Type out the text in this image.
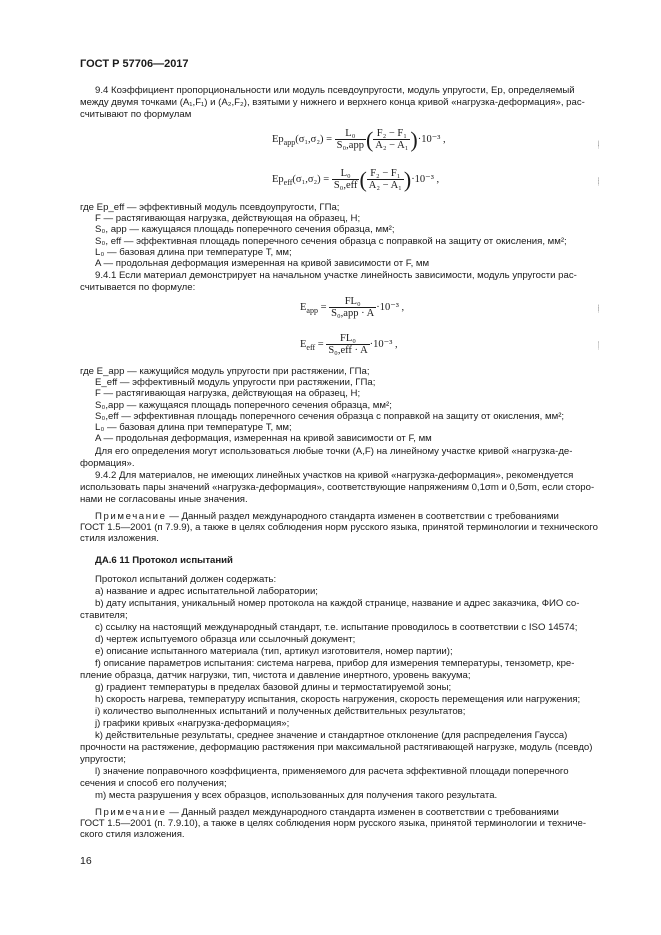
ГОСТ Р 57706—2017
9.4 Коэффициент пропорциональности или модуль псевдоупругости, модуль упругости, Ep, определяемый
между двумя точками (A₁,F₁) и (A₂,F₂), взятыми у нижнего и верхнего конца кривой «нагрузка-деформация», рас-
считывают по формулам
$Ep_{app}(\sigma_1,\sigma_2) = \frac{\text{L₀}}{\text{S₀,app}}$ ( $\frac{\text{F₂ − F₁}}{\text{A₂ − A₁}} )\cdot 10^{-3}$ ,	(4)
$Ep_{eff}(\sigma_1,\sigma_2) = \frac{\text{L₀}}{\text{S₀,eff}}$ ( $\frac{\text{F₂ − F₁}}{\text{A₂ − A₁}} )\cdot 10^{-3}$ ,	(5)
где Ep_eff — эффективный модуль псевдоупругости, ГПа;
F — растягивающая нагрузка, действующая на образец, Н;
S₀, app — кажущаяся площадь поперечного сечения образца, мм²;
S₀, eff — эффективная площадь поперечного сечения образца с поправкой на защиту от окисления, мм²;
L₀ — базовая длина при температуре T, мм;
A — продольная деформация измеренная на кривой зависимости от F, мм
9.4.1 Если материал демонстрирует на начальном участке линейность зависимости, модуль упругости рас-
считывается по формуле:
$E_{app} = \frac{\text{FL₀}}{\text{S₀,app · A}} \cdot 10^{-3}$ ,	(6)
$E_{eff} = \frac{\text{FL₀}}{\text{S₀,eff · A}} \cdot 10^{-3}$ ,	(7)
где E_app — кажущийся модуль упругости при растяжении, ГПа;
E_eff — эффективный модуль упругости при растяжении, ГПа;
F — растягивающая нагрузка, действующая на образец, Н;
S₀,app — кажущаяся площадь поперечного сечения образца, мм²;
S₀,eff — эффективная площадь поперечного сечения образца с поправкой на защиту от окисления, мм²;
L₀ — базовая длина при температуре T, мм;
A — продольная деформация, измеренная на кривой зависимости от F, мм
Для его определения могут использоваться любые точки (A,F) на линейному участке кривой «нагрузка-де-
формация».
9.4.2 Для материалов, не имеющих линейных участков на кривой «нагрузка-деформация», рекомендуется
использовать пары значений «нагрузка-деформация», соответствующие напряжениям 0,1σm и 0,5σm, если сторо-
нами не согласованы иные значения.
Примечание — Данный раздел международного стандарта изменен в соответствии с требованиями
ГОСТ 1.5—2001 (п 7.9.9), а также в целях соблюдения норм русского языка, принятой терминологии и технического
стиля изложения.
ДА.6 11 Протокол испытаний
Протокол испытаний должен содержать:
a) название и адрес испытательной лаборатории;
b) дату испытания, уникальный номер протокола на каждой странице, название и адрес заказчика, ФИО со-
ставителя;
c) ссылку на настоящий международный стандарт, т.е. испытание проводилось в соответствии с ISO 14574;
d) чертеж испытуемого образца или ссылочный документ;
e) описание испытанного материала (тип, артикул изготовителя, номер партии);
f) описание параметров испытания: система нагрева, прибор для измерения температуры, тензометр, кре-
пление образца, датчик нагрузки, тип, чистота и давление инертного, уровень вакуума;
g) градиент температуры в пределах базовой длины и термостатируемой зоны;
h) скорость нагрева, температуру испытания, скорость нагружения, скорость перемещения или нагружения;
i) количество выполненных испытаний и полученных действительных результатов;
j) графики кривых «нагрузка-деформация»;
k) действительные результаты, среднее значение и стандартное отклонение (для распределения Гаусса)
прочности на растяжение, деформацию растяжения при максимальной растягивающей нагрузке, модуль (псевдо)
упругости;
l) значение поправочного коэффициента, применяемого для расчета эффективной площади поперечного
сечения и способ его получения;
m) места разрушения у всех образцов, использованных для получения такого результата.
Примечание — Данный раздел международного стандарта изменен в соответствии с требованиями
ГОСТ 1.5—2001 (п. 7.9.10), а также в целях соблюдения норм русского языка, принятой терминологии и техниче-
ского стиля изложения.
16
